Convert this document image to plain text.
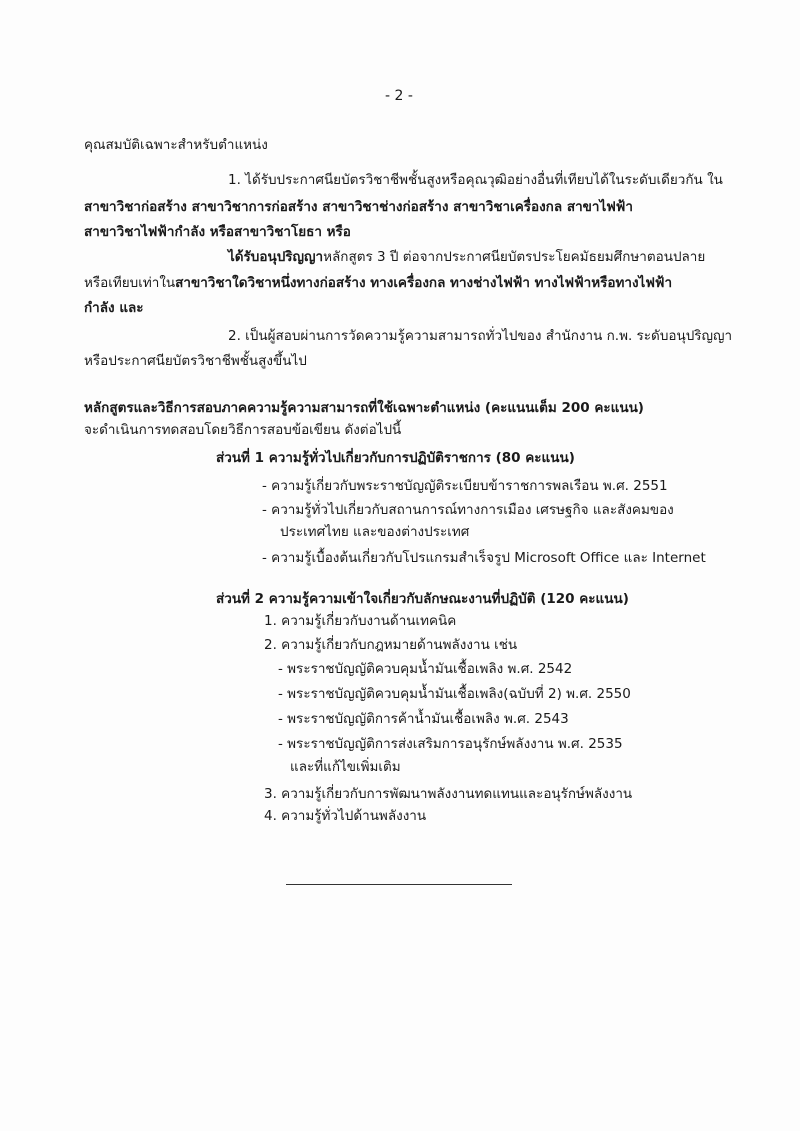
- 2 -
คุณสมบัติเฉพาะสำหรับตำแหน่ง
1. ได้รับประกาศนียบัตรวิชาชีพชั้นสูงหรือคุณวุฒิอย่างอื่นที่เทียบได้ในระดับเดียวกัน ใน
สาขาวิชาก่อสร้าง สาขาวิชาการก่อสร้าง สาขาวิชาช่างก่อสร้าง สาขาวิชาเครื่องกล สาขาไฟฟ้า
สาขาวิชาไฟฟ้ากำลัง หรือสาขาวิชาโยธา หรือ
ได้รับอนุปริญญาหลักสูตร 3 ปี ต่อจากประกาศนียบัตรประโยคมัธยมศึกษาตอนปลาย
หรือเทียบเท่าในสาขาวิชาใดวิชาหนึ่งทางก่อสร้าง ทางเครื่องกล ทางช่างไฟฟ้า ทางไฟฟ้าหรือทางไฟฟ้า
กำลัง และ
2. เป็นผู้สอบผ่านการวัดความรู้ความสามารถทั่วไปของ สำนักงาน ก.พ. ระดับอนุปริญญา
หรือประกาศนียบัตรวิชาชีพชั้นสูงขึ้นไป
หลักสูตรและวิธีการสอบภาคความรู้ความสามารถที่ใช้เฉพาะตำแหน่ง (คะแนนเต็ม 200 คะแนน)
จะดำเนินการทดสอบโดยวิธีการสอบข้อเขียน ดังต่อไปนี้
ส่วนที่ 1 ความรู้ทั่วไปเกี่ยวกับการปฏิบัติราชการ (80 คะแนน)
- ความรู้เกี่ยวกับพระราชบัญญัติระเบียบข้าราชการพลเรือน พ.ศ. 2551
- ความรู้ทั่วไปเกี่ยวกับสถานการณ์ทางการเมือง เศรษฐกิจ และสังคมของ
ประเทศไทย และของต่างประเทศ
- ความรู้เบื้องต้นเกี่ยวกับโปรแกรมสำเร็จรูป Microsoft Office และ Internet
ส่วนที่ 2 ความรู้ความเข้าใจเกี่ยวกับลักษณะงานที่ปฏิบัติ (120 คะแนน)
1. ความรู้เกี่ยวกับงานด้านเทคนิค
2. ความรู้เกี่ยวกับกฎหมายด้านพลังงาน เช่น
- พระราชบัญญัติควบคุมน้ำมันเชื้อเพลิง พ.ศ. 2542
- พระราชบัญญัติควบคุมน้ำมันเชื้อเพลิง(ฉบับที่ 2) พ.ศ. 2550
- พระราชบัญญัติการค้าน้ำมันเชื้อเพลิง พ.ศ. 2543
- พระราชบัญญัติการส่งเสริมการอนุรักษ์พลังงาน พ.ศ. 2535
และที่แก้ไขเพิ่มเติม
3. ความรู้เกี่ยวกับการพัฒนาพลังงานทดแทนและอนุรักษ์พลังงาน
4. ความรู้ทั่วไปด้านพลังงาน
